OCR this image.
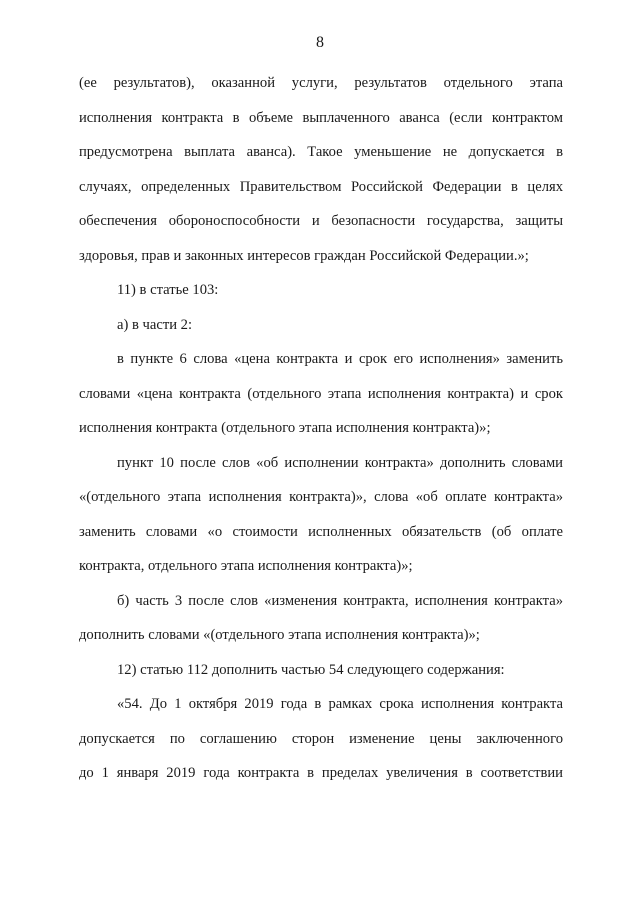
8
(ее результатов), оказанной услуги, результатов отдельного этапа
исполнения контракта в объеме выплаченного аванса (если контрактом
предусмотрена выплата аванса). Такое уменьшение не допускается в
случаях, определенных Правительством Российской Федерации в целях
обеспечения обороноспособности и безопасности государства, защиты
здоровья, прав и законных интересов граждан Российской Федерации.»;
11) в статье 103:
а) в части 2:
в пункте 6 слова «цена контракта и срок его исполнения» заменить
словами «цена контракта (отдельного этапа исполнения контракта) и срок
исполнения контракта (отдельного этапа исполнения контракта)»;
пункт 10 после слов «об исполнении контракта» дополнить словами
«(отдельного этапа исполнения контракта)», слова «об оплате контракта»
заменить словами «о стоимости исполненных обязательств (об оплате
контракта, отдельного этапа исполнения контракта)»;
б) часть 3 после слов «изменения контракта, исполнения контракта»
дополнить словами «(отдельного этапа исполнения контракта)»;
12) статью 112 дополнить частью 54 следующего содержания:
«54. До 1 октября 2019 года в рамках срока исполнения контракта
допускается по соглашению сторон изменение цены заключенного
до 1 января 2019 года контракта в пределах увеличения в соответствии
